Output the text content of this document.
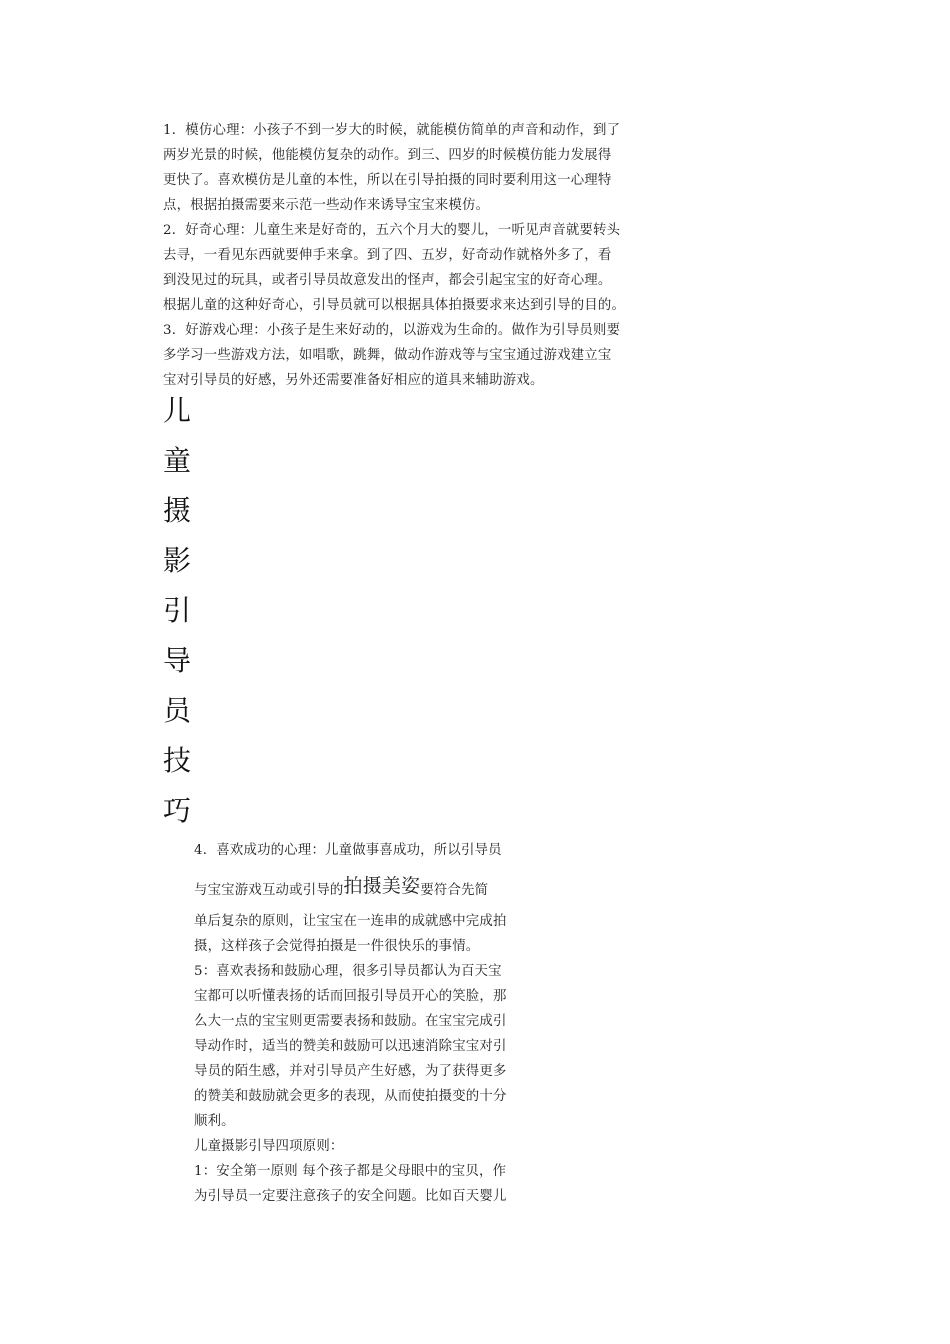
1．模仿心理：小孩子不到一岁大的时候，就能模仿简单的声音和动作，到了
两岁光景的时候，他能模仿复杂的动作。到三、四岁的时候模仿能力发展得
更快了。喜欢模仿是儿童的本性，所以在引导拍摄的同时要利用这一心理特
点，根据拍摄需要来示范一些动作来诱导宝宝来模仿。
2．好奇心理：儿童生来是好奇的，五六个月大的婴儿，一听见声音就要转头
去寻，一看见东西就要伸手来拿。到了四、五岁，好奇动作就格外多了，看
到没见过的玩具，或者引导员故意发出的怪声，都会引起宝宝的好奇心理。
根据儿童的这种好奇心，引导员就可以根据具体拍摄要求来达到引导的目的。
3．好游戏心理：小孩子是生来好动的，以游戏为生命的。做作为引导员则要
多学习一些游戏方法，如唱歌，跳舞，做动作游戏等与宝宝通过游戏建立宝
宝对引导员的好感，另外还需要准备好相应的道具来辅助游戏。
儿
童
摄
影
引
导
员
技
巧
4．喜欢成功的心理：儿童做事喜成功，所以引导员
与宝宝游戏互动或引导的拍摄美姿要符合先简
单后复杂的原则，让宝宝在一连串的成就感中完成拍
摄，这样孩子会觉得拍摄是一件很快乐的事情。
5：喜欢表扬和鼓励心理，很多引导员都认为百天宝
宝都可以听懂表扬的话而回报引导员开心的笑脸，那
么大一点的宝宝则更需要表扬和鼓励。在宝宝完成引
导动作时，适当的赞美和鼓励可以迅速消除宝宝对引
导员的陌生感，并对引导员产生好感，为了获得更多
的赞美和鼓励就会更多的表现，从而使拍摄变的十分
顺利。
儿童摄影引导四项原则：
1：安全第一原则 每个孩子都是父母眼中的宝贝，作
为引导员一定要注意孩子的安全问题。比如百天婴儿
